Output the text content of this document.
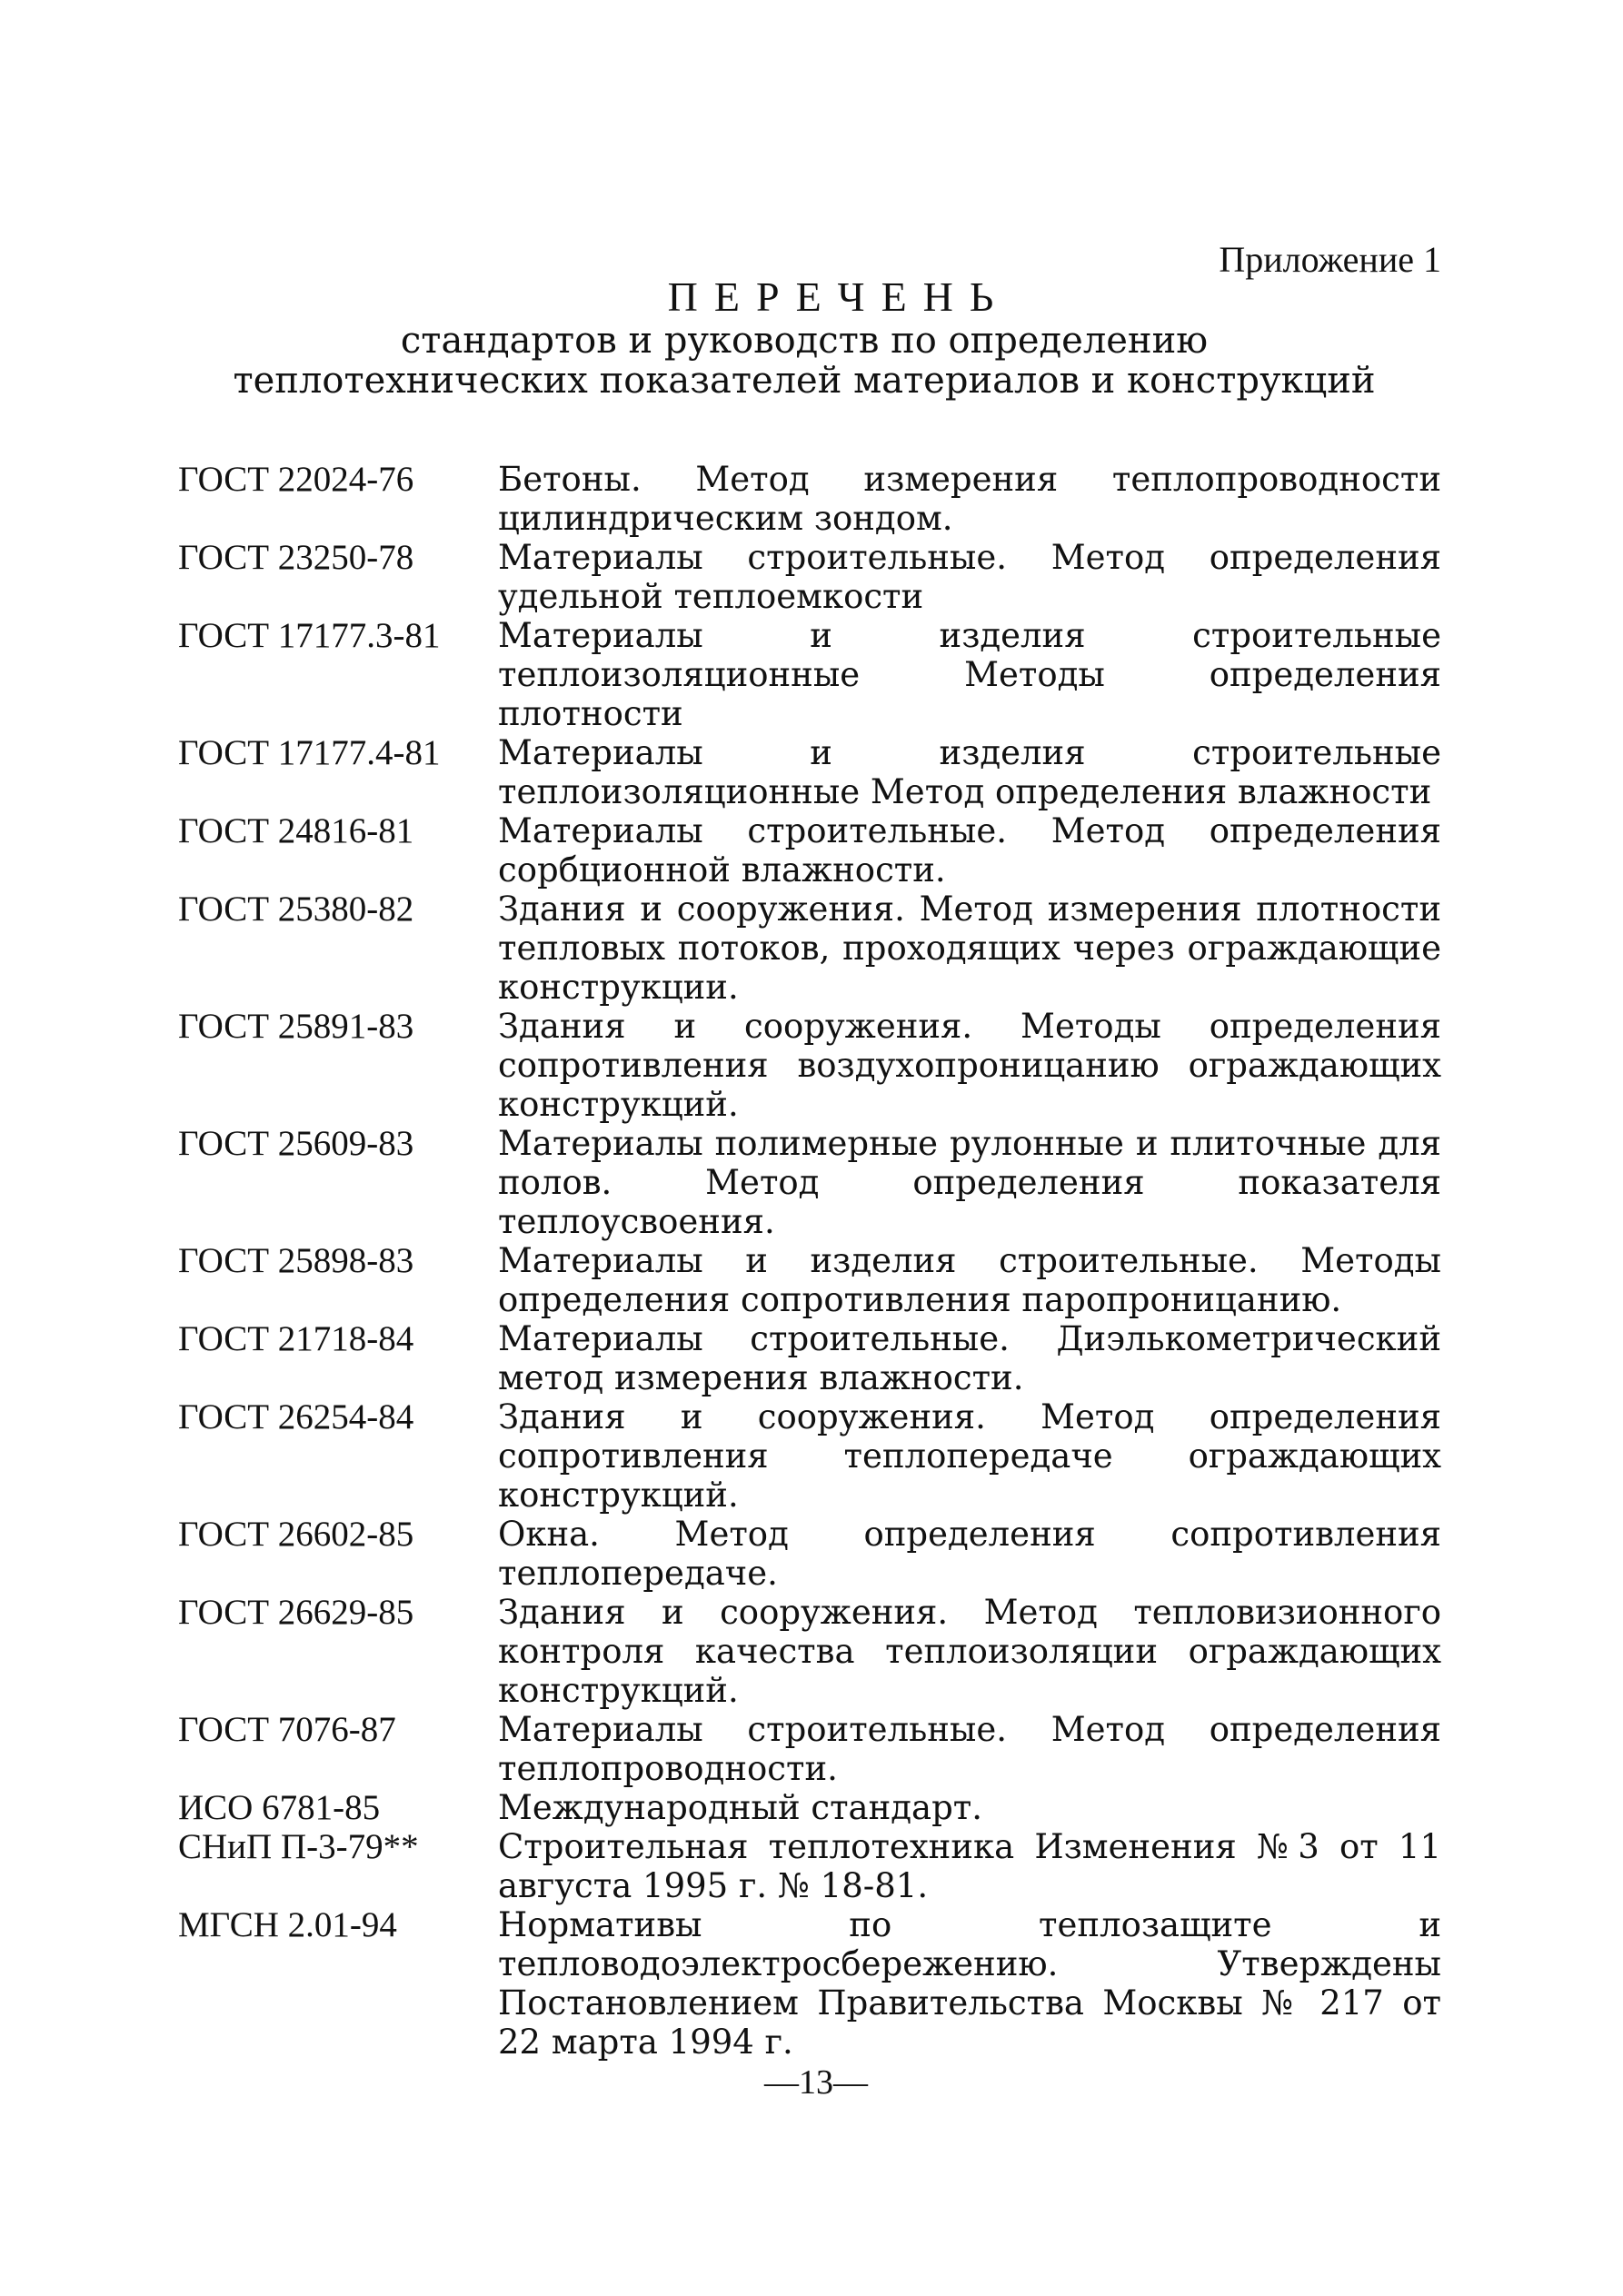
Приложение 1
ПЕРЕЧЕНЬ
стандартов и руководств по определению
теплотехнических показателей материалов и конструкций
ГОСТ 22024-76	Бетоны. Метод измерения теплопроводности цилиндрическим зондом.
ГОСТ 23250-78	Материалы строительные. Метод определения удельной теплоемкости
ГОСТ 17177.3-81	Материалы и изделия строительные теплоизоляционные Методы определения плотности
ГОСТ 17177.4-81	Материалы и изделия строительные теплоизоляционные Метод определения влажности
ГОСТ 24816-81	Материалы строительные. Метод определения сорбционной влажности.
ГОСТ 25380-82	Здания и сооружения. Метод измерения плотности тепловых потоков, проходящих через ограждающие конструкции.
ГОСТ 25891-83	Здания и сооружения. Методы определения сопротивления воздухопроницанию ограждающих конструкций.
ГОСТ 25609-83	Материалы полимерные рулонные и плиточные для полов. Метод определения показателя теплоусвоения.
ГОСТ 25898-83	Материалы и изделия строительные. Методы определения сопротивления паропроницанию.
ГОСТ 21718-84	Материалы строительные. Диэлькометрический метод измерения влажности.
ГОСТ 26254-84	Здания и сооружения. Метод определения сопротивления теплопередаче ограждающих конструкций.
ГОСТ 26602-85	Окна. Метод определения сопротивления теплопередаче.
ГОСТ 26629-85	Здания и сооружения. Метод тепловизионного контроля качества теплоизоляции ограждающих конструкций.
ГОСТ 7076-87	Материалы строительные. Метод определения теплопроводности.
ИСО 6781-85	Международный стандарт.
СНиП П-3-79**	Строительная теплотехника Изменения №3 от 11 августа 1995 г. № 18-81.
МГСН 2.01-94	Нормативы по теплозащите и тепловодоэлектросбережению. Утверждены Постановлением Правительства Москвы № 217 от 22 марта 1994 г.
—13—
